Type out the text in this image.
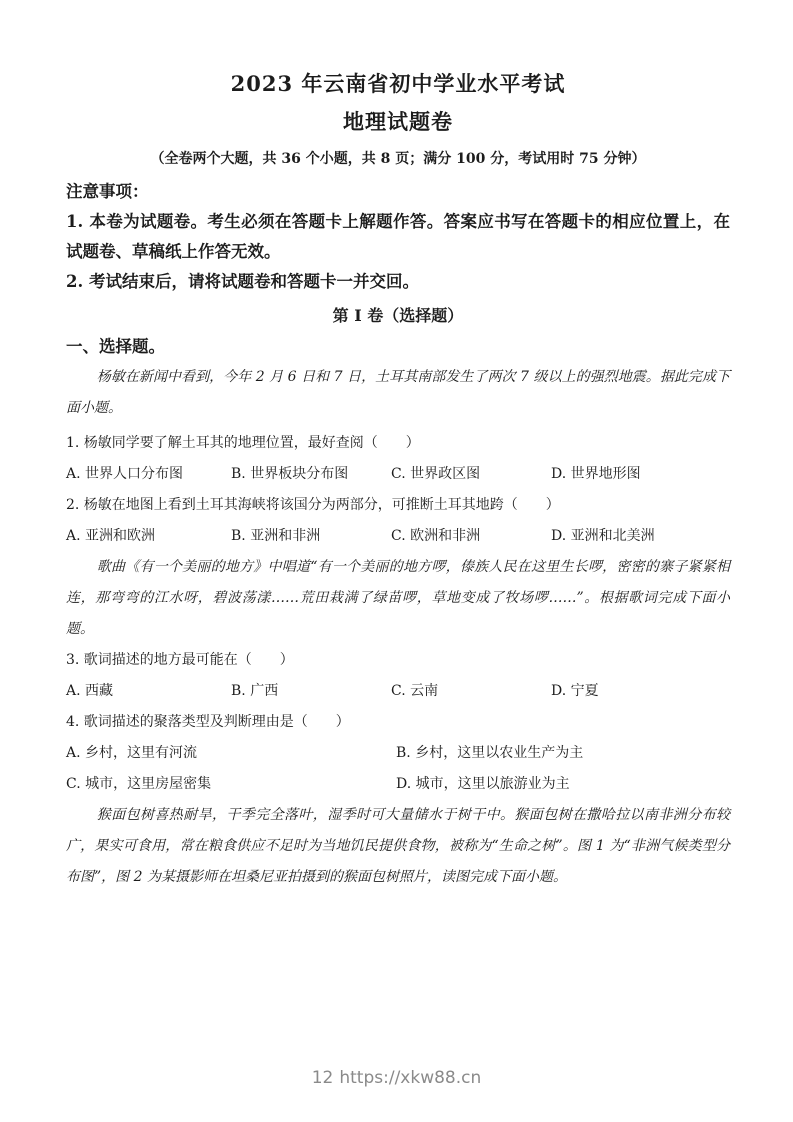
2023 年云南省初中学业水平考试
地理试题卷
（全卷两个大题，共 36 个小题，共 8 页；满分 100 分，考试用时 75 分钟）
注意事项：

1. 本卷为试题卷。考生必须在答题卡上解题作答。答案应书写在答题卡的相应位置上，在试题卷、草稿纸上作答无效。

2. 考试结束后，请将试题卷和答题卡一并交回。

第 I 卷（选择题）
一、选择题。

杨敏在新闻中看到，今年 2 月 6 日和 7 日，土耳其南部发生了两次 7 级以上的强烈地震。据此完成下面小题。

1. 杨敏同学要了解土耳其的地理位置，最好查阅（　　）
A. 世界人口分布图	B. 世界板块分布图	C. 世界政区图	D. 世界地形图
2. 杨敏在地图上看到土耳其海峡将该国分为两部分，可推断土耳其地跨（　　）
A. 亚洲和欧洲	B. 亚洲和非洲	C. 欧洲和非洲	D. 亚洲和北美洲

歌曲《有一个美丽的地方》中唱道“有一个美丽的地方啰，傣族人民在这里生长啰，密密的寨子紧紧相连，那弯弯的江水呀，碧波荡漾……荒田栽满了绿苗啰，草地变成了牧场啰……”。根据歌词完成下面小题。

3. 歌词描述的地方最可能在（　　）
A. 西藏	B. 广西	C. 云南	D. 宁夏
4. 歌词描述的聚落类型及判断理由是（　　）
A. 乡村，这里有河流	B. 乡村，这里以农业生产为主
C. 城市，这里房屋密集	D. 城市，这里以旅游业为主

猴面包树喜热耐旱，干季完全落叶，湿季时可大量储水于树干中。猴面包树在撒哈拉以南非洲分布较广，果实可食用，常在粮食供应不足时为当地饥民提供食物，被称为“生命之树”。图 1 为“非洲气候类型分布图”，图 2 为某摄影师在坦桑尼亚拍摄到的猴面包树照片，读图完成下面小题。

12 https://xkw88.cn
